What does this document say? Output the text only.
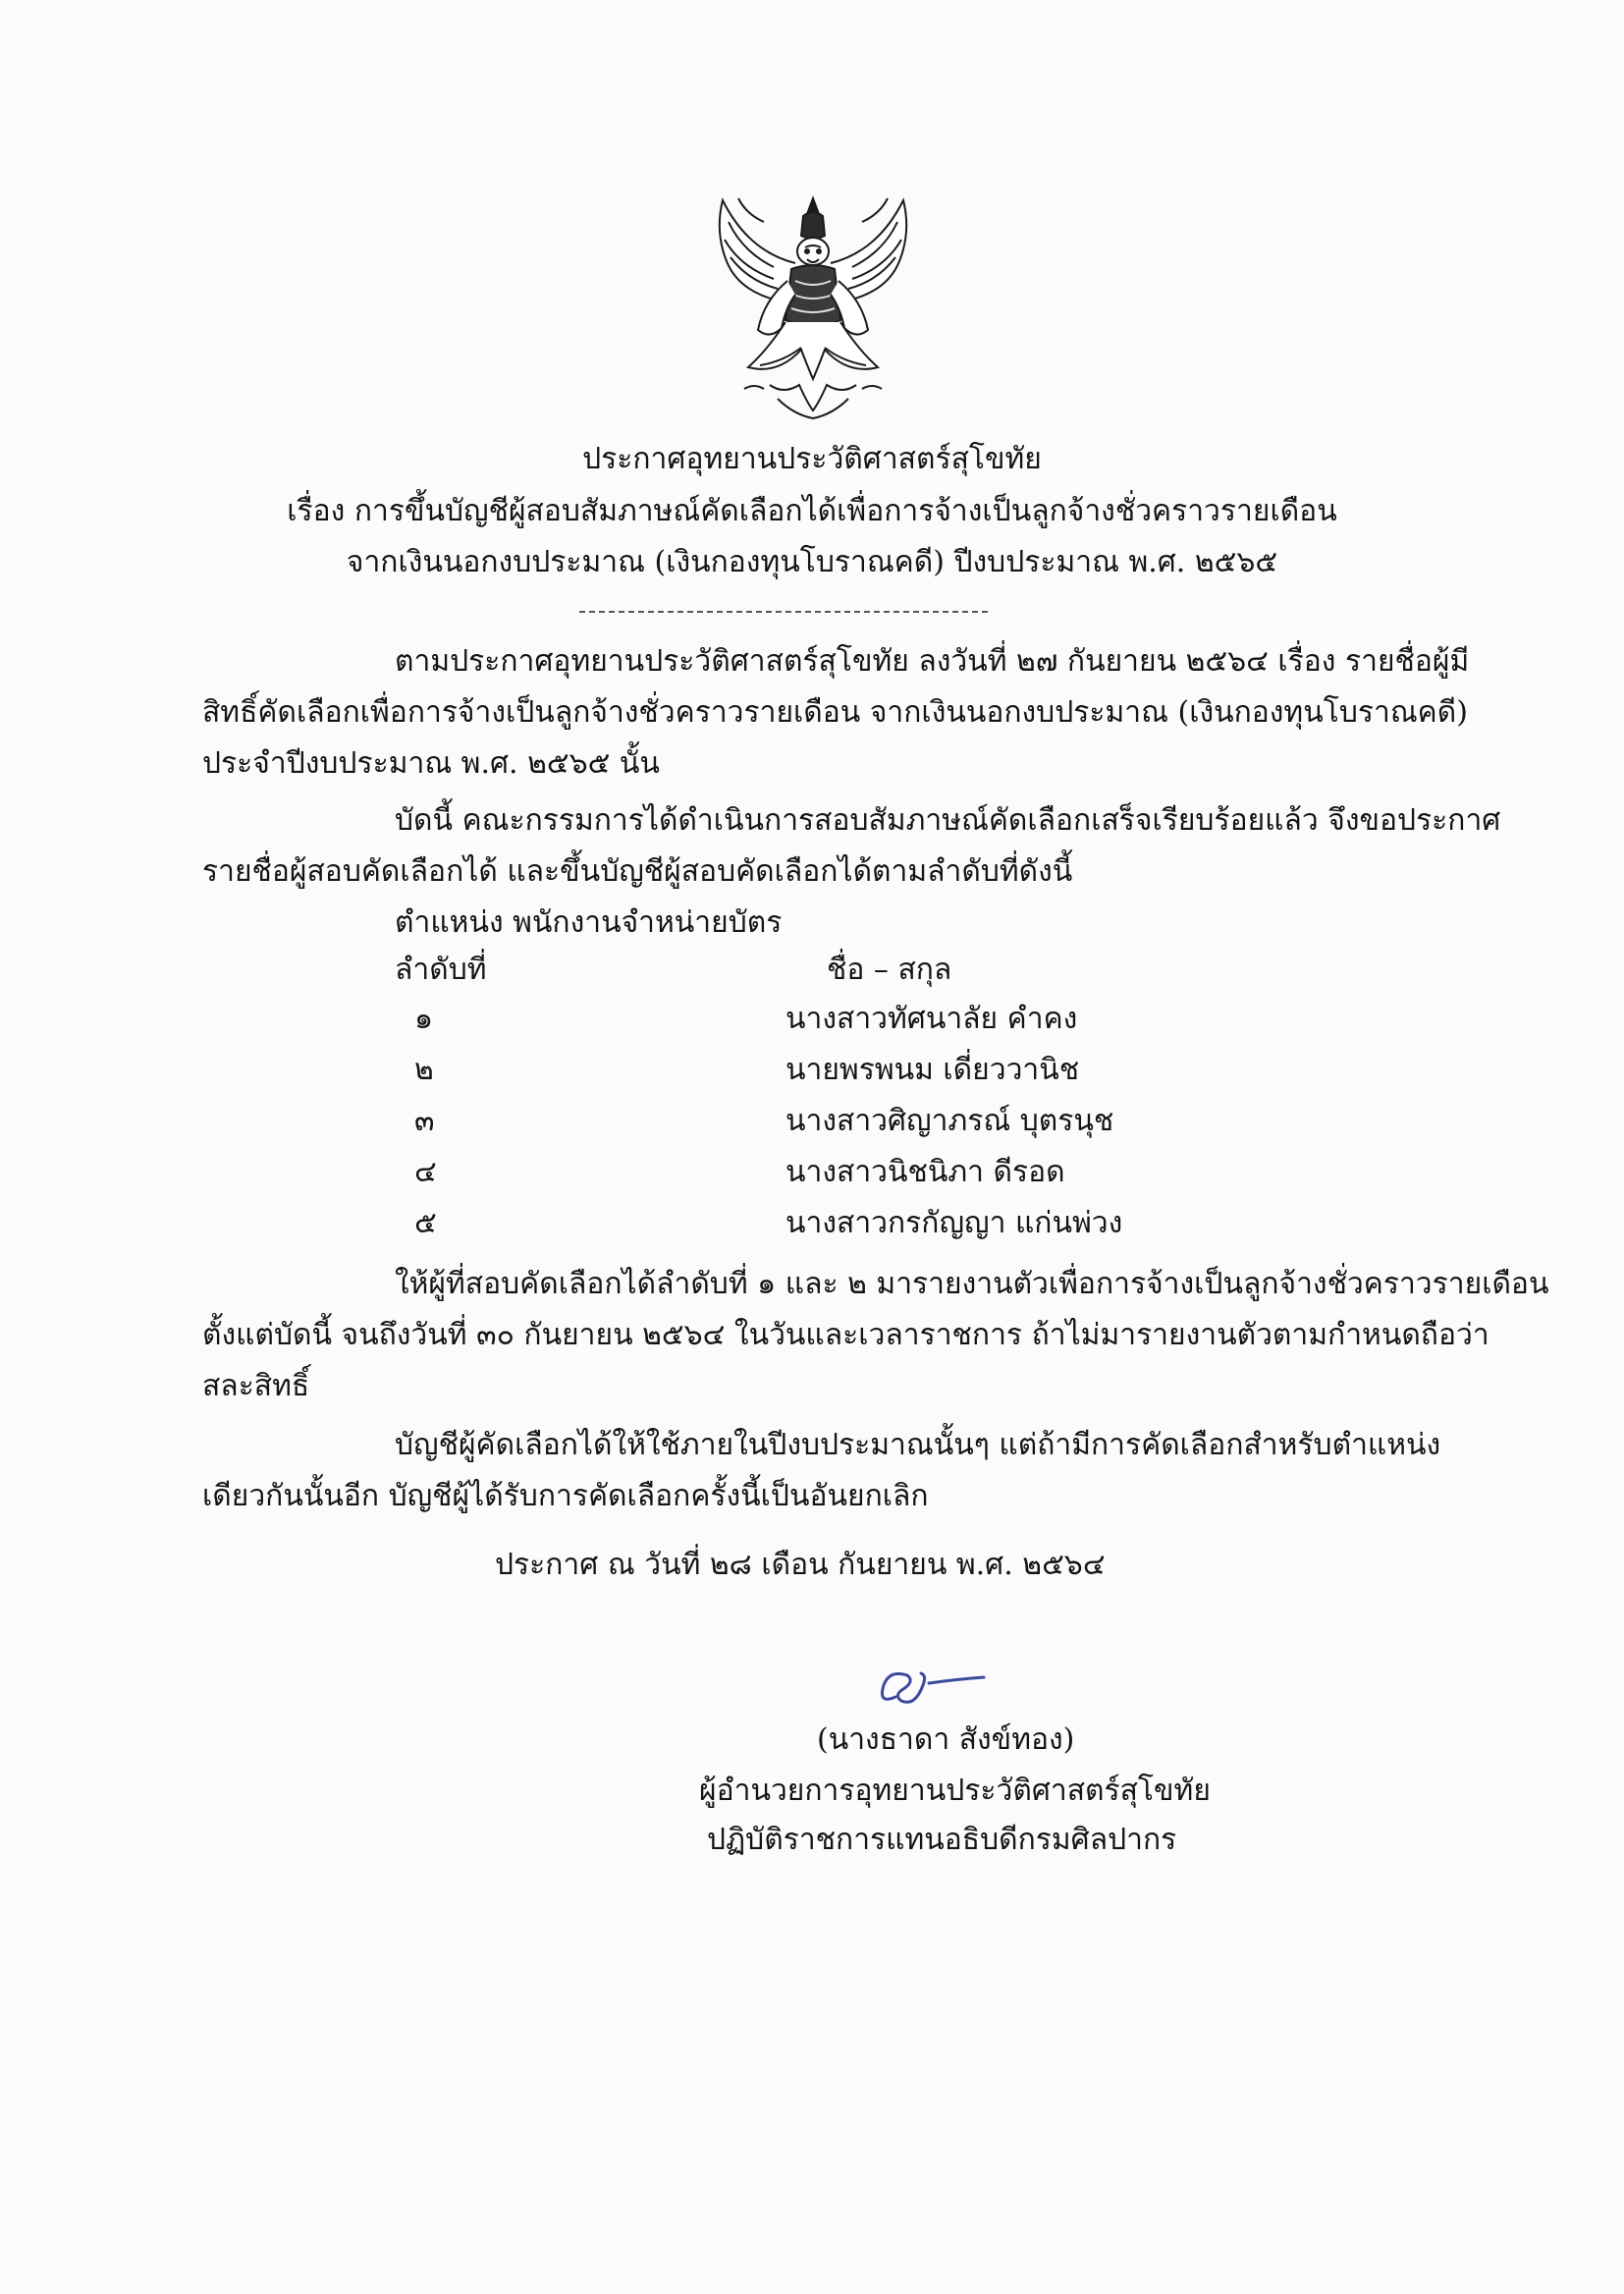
ประกาศอุทยานประวัติศาสตร์สุโขทัย
เรื่อง การขึ้นบัญชีผู้สอบสัมภาษณ์คัดเลือกได้เพื่อการจ้างเป็นลูกจ้างชั่วคราวรายเดือน
จากเงินนอกงบประมาณ (เงินกองทุนโบราณคดี) ปีงบประมาณ พ.ศ. ๒๕๖๕
ตามประกาศอุทยานประวัติศาสตร์สุโขทัย ลงวันที่ ๒๗ กันยายน ๒๕๖๔ เรื่อง รายชื่อผู้มี
สิทธิ์คัดเลือกเพื่อการจ้างเป็นลูกจ้างชั่วคราวรายเดือน จากเงินนอกงบประมาณ (เงินกองทุนโบราณคดี)
ประจำปีงบประมาณ พ.ศ. ๒๕๖๕ นั้น
บัดนี้ คณะกรรมการได้ดำเนินการสอบสัมภาษณ์คัดเลือกเสร็จเรียบร้อยแล้ว จึงขอประกาศ
รายชื่อผู้สอบคัดเลือกได้ และขึ้นบัญชีผู้สอบคัดเลือกได้ตามลำดับที่ดังนี้
ตำแหน่ง พนักงานจำหน่ายบัตร
ลำดับที่	ชื่อ – สกุล
๑	นางสาวทัศนาลัย คำคง
๒	นายพรพนม เดี่ยววานิช
๓	นางสาวศิญาภรณ์ บุตรนุช
๔	นางสาวนิชนิภา ดีรอด
๕	นางสาวกรกัญญา แก่นพ่วง
ให้ผู้ที่สอบคัดเลือกได้ลำดับที่ ๑ และ ๒ มารายงานตัวเพื่อการจ้างเป็นลูกจ้างชั่วคราวรายเดือน
ตั้งแต่บัดนี้ จนถึงวันที่ ๓๐ กันยายน ๒๕๖๔ ในวันและเวลาราชการ ถ้าไม่มารายงานตัวตามกำหนดถือว่า
สละสิทธิ์
บัญชีผู้คัดเลือกได้ให้ใช้ภายในปีงบประมาณนั้นๆ แต่ถ้ามีการคัดเลือกสำหรับตำแหน่ง
เดียวกันนั้นอีก บัญชีผู้ได้รับการคัดเลือกครั้งนี้เป็นอันยกเลิก
ประกาศ ณ วันที่ ๒๘ เดือน กันยายน พ.ศ. ๒๕๖๔
(นางธาดา สังข์ทอง)
ผู้อำนวยการอุทยานประวัติศาสตร์สุโขทัย
ปฏิบัติราชการแทนอธิบดีกรมศิลปากร
